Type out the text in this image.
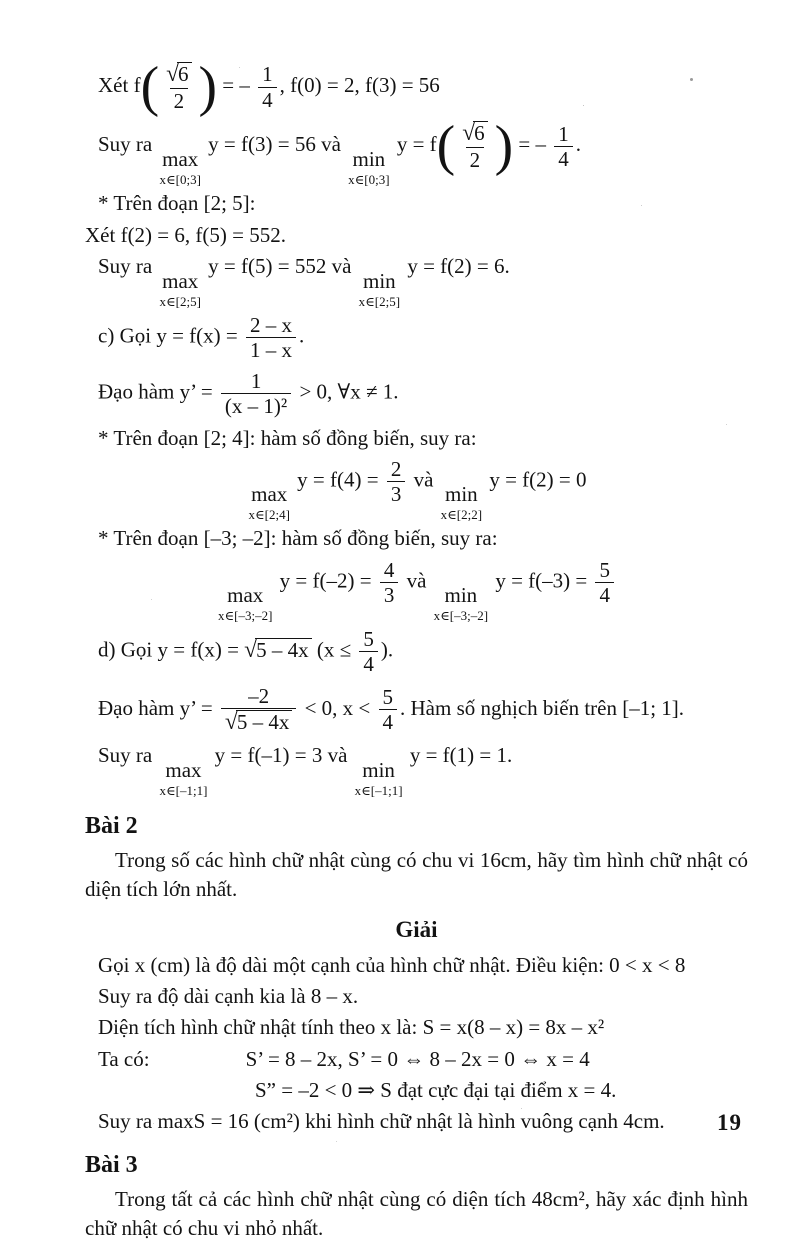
Xét $f( \frac{√6}{2}$ ) = – $\frac{1}{4}$ , f(0) = 2, f(3) = 56
Suy ra
max
x∈[0;3]
y = f(3) = 56 và
min
x∈[0;3]
$y = f( \frac{√6}{2}$ ) = – $\frac{1}{4}$ .
* Trên đoạn [2; 5]:
Xét f(2) = 6, f(5) = 552.
Suy ra
max
x∈[2;5]
y = f(5) = 552 và
min
x∈[2;5]
y = f(2) = 6.
c) Gọi $y = f(x) = \frac{2 - x}{1 - x}$ .
Đạo hàm y’ = $\frac{1}{\text{(x – 1)²}} > 0$, ∀x ≠ 1.
* Trên đoạn [2; 4]: hàm số đồng biến, suy ra:
max
x∈[2;4]
$y = f(4) = \frac{2}{3}$ và
min
x∈[2;2]
y = f(2) = 0
* Trên đoạn [–3; –2]: hàm số đồng biến, suy ra:
max
x∈[–3;–2]
$y = f(-2) = \frac{4}{3}$ và
min
x∈[–3;–2]
$y = f(-3) = \frac{5}{4}$
d) Gọi y = f(x) = √5 – 4x ($x \le \frac{5}{4}$ ).
Đạo hàm y’ = $\frac{-2}{√5 - 4x} < 0$, $x < \frac{5}{4}$ . Hàm số nghịch biến trên [–1; 1].
Suy ra
max
x∈[–1;1]
y = f(–1) = 3 và
min
x∈[–1;1]
y = f(1) = 1.
Bài 2

Trong số các hình chữ nhật cùng có chu vi 16cm, hãy tìm hình chữ nhật có diện tích lớn nhất.

Giải
Gọi x (cm) là độ dài một cạnh của hình chữ nhật. Điều kiện: 0 < x < 8
Suy ra độ dài cạnh kia là 8 – x.
Diện tích hình chữ nhật tính theo x là: S = x(8 – x) = 8x – x²
Ta có:	S’ = 8 – 2x, S’ = 0 ⇔ 8 – 2x = 0 ⇔ x = 4
S” = –2 < 0 ⇒ S đạt cực đại tại điểm x = 4.
Suy ra maxS = 16 (cm²) khi hình chữ nhật là hình vuông cạnh 4cm.
Bài 3

Trong tất cả các hình chữ nhật cùng có diện tích 48cm², hãy xác định hình chữ nhật có chu vi nhỏ nhất.

19
